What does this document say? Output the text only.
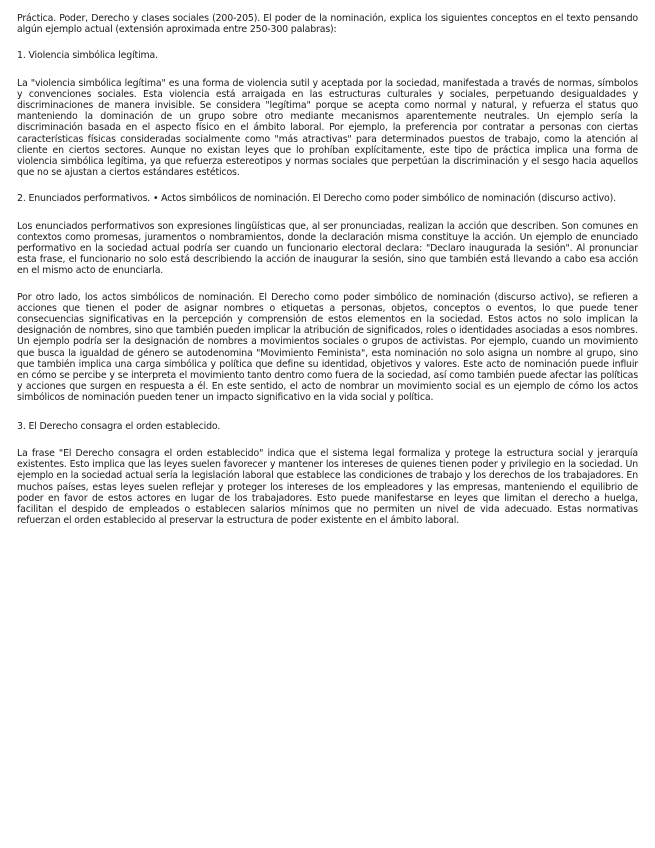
Práctica. Poder, Derecho y clases sociales (200-205). El poder de la nominación, explica los siguientes conceptos en el texto pensando algún ejemplo actual (extensión aproximada entre 250-300 palabras):

1. Violencia simbólica legítima.

La "violencia simbólica legítima" es una forma de violencia sutil y aceptada por la sociedad, manifestada a través de normas, símbolos y convenciones sociales. Esta violencia está arraigada en las estructuras culturales y sociales, perpetuando desigualdades y discriminaciones de manera invisible. Se considera "legítima" porque se acepta como normal y natural, y refuerza el status quo manteniendo la dominación de un grupo sobre otro mediante mecanismos aparentemente neutrales. Un ejemplo sería la discriminación basada en el aspecto físico en el ámbito laboral. Por ejemplo, la preferencia por contratar a personas con ciertas características físicas consideradas socialmente como "más atractivas" para determinados puestos de trabajo, como la atención al cliente en ciertos sectores. Aunque no existan leyes que lo prohíban explícitamente, este tipo de práctica implica una forma de violencia simbólica legítima, ya que refuerza estereotipos y normas sociales que perpetúan la discriminación y el sesgo hacia aquellos que no se ajustan a ciertos estándares estéticos.

2. Enunciados performativos. • Actos simbólicos de nominación. El Derecho como poder simbólico de nominación (discurso activo).

Los enunciados performativos son expresiones lingüísticas que, al ser pronunciadas, realizan la acción que describen. Son comunes en contextos como promesas, juramentos o nombramientos, donde la declaración misma constituye la acción. Un ejemplo de enunciado performativo en la sociedad actual podría ser cuando un funcionario electoral declara: "Declaro inaugurada la sesión". Al pronunciar esta frase, el funcionario no solo está describiendo la acción de inaugurar la sesión, sino que también está llevando a cabo esa acción en el mismo acto de enunciarla.

Por otro lado, los actos simbólicos de nominación. El Derecho como poder simbólico de nominación (discurso activo), se refieren a acciones que tienen el poder de asignar nombres o etiquetas a personas, objetos, conceptos o eventos, lo que puede tener consecuencias significativas en la percepción y comprensión de estos elementos en la sociedad. Estos actos no solo implican la designación de nombres, sino que también pueden implicar la atribución de significados, roles o identidades asociadas a esos nombres.

Un ejemplo podría ser la designación de nombres a movimientos sociales o grupos de activistas. Por ejemplo, cuando un movimiento que busca la igualdad de género se autodenomina "Movimiento Feminista", esta nominación no solo asigna un nombre al grupo, sino que también implica una carga simbólica y política que define su identidad, objetivos y valores. Este acto de nominación puede influir en cómo se percibe y se interpreta el movimiento tanto dentro como fuera de la sociedad, así como también puede afectar las políticas y acciones que surgen en respuesta a él. En este sentido, el acto de nombrar un movimiento social es un ejemplo de cómo los actos simbólicos de nominación pueden tener un impacto significativo en la vida social y política.

3. El Derecho consagra el orden establecido.

La frase "El Derecho consagra el orden establecido" indica que el sistema legal formaliza y protege la estructura social y jerarquía existentes. Esto implica que las leyes suelen favorecer y mantener los intereses de quienes tienen poder y privilegio en la sociedad. Un ejemplo en la sociedad actual sería la legislación laboral que establece las condiciones de trabajo y los derechos de los trabajadores. En muchos países, estas leyes suelen reflejar y proteger los intereses de los empleadores y las empresas, manteniendo el equilibrio de poder en favor de estos actores en lugar de los trabajadores. Esto puede manifestarse en leyes que limitan el derecho a huelga, facilitan el despido de empleados o establecen salarios mínimos que no permiten un nivel de vida adecuado. Estas normativas refuerzan el orden establecido al preservar la estructura de poder existente en el ámbito laboral.
